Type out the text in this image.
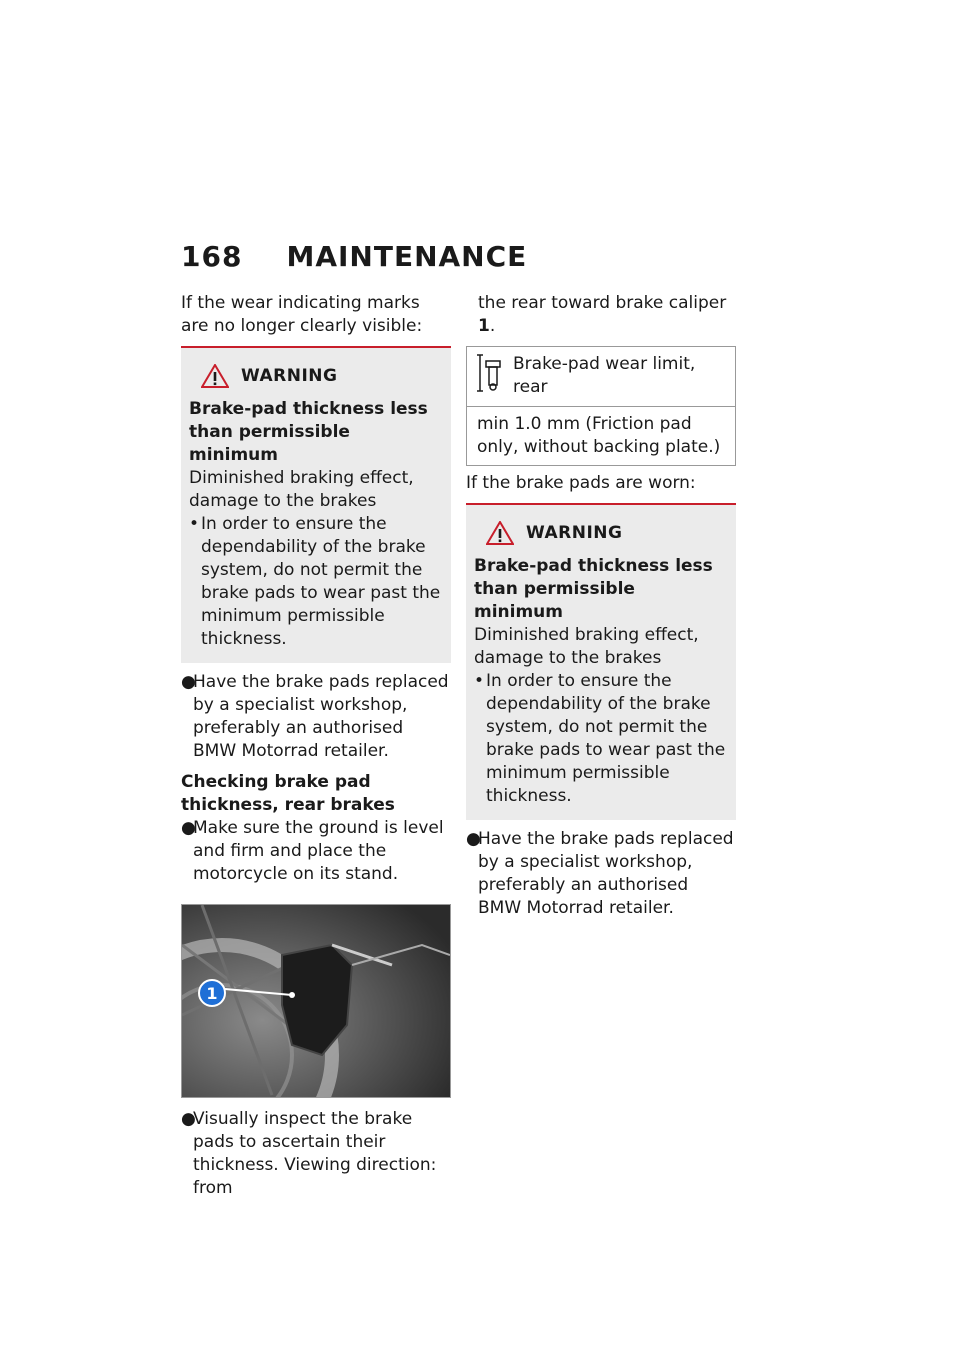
168 MAINTENANCE

If the wear indicating marks are no longer clearly visible:

WARNING

Brake-pad thickness less than permissible minimum

Diminished braking effect, damage to the brakes

• In order to ensure the dependability of the brake system, do not permit the brake pads to wear past the minimum permissible thickness.
●
Have the brake pads replaced by a specialist workshop, preferably an authorised BMW Motorrad retailer.

Checking brake pad thickness, rear brakes

●
Make sure the ground is level and firm and place the motorcycle on its stand.
1
●
Visually inspect the brake pads to ascertain their thickness. Viewing direction: from

the rear toward brake caliper 1.

Brake-pad wear limit, rear
min 1.0 mm (Friction pad only, without backing plate.)

If the brake pads are worn:

WARNING

Brake-pad thickness less than permissible minimum

Diminished braking effect, damage to the brakes

• In order to ensure the dependability of the brake system, do not permit the brake pads to wear past the minimum permissible thickness.
●
Have the brake pads replaced by a specialist workshop, preferably an authorised BMW Motorrad retailer.
